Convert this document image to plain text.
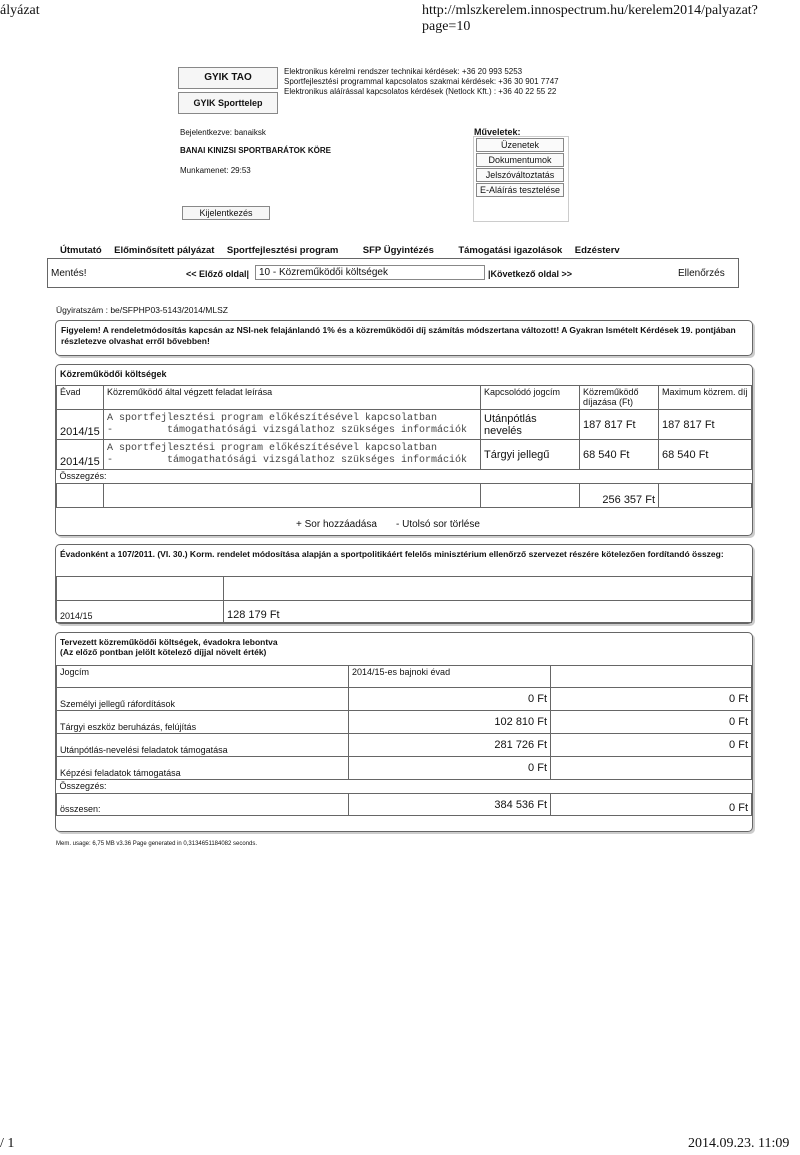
ályázat	http://mlszkerelem.innospectrum.hu/kerelem2014/palyazat?page=10
GYIK TAO
GYIK Sporttelep
Elektronikus kérelmi rendszer technikai kérdések: +36 20 993 5253
Sportfejlesztési programmal kapcsolatos szakmai kérdések: +36 30 901 7747
Elektronikus aláírással kapcsolatos kérdések (Netlock Kft.) : +36 40 22 55 22
Bejelentkezve: banaiksk
BANAI KINIZSI SPORTBARÁTOK KÖRE
Munkamenet: 29:53
Kijelentkezés
Műveletek:
Üzenetek
Dokumentumok
Jelszóváltoztatás
E-Aláírás tesztelése
Útmutató Előminősített pályázat Sportfejlesztési program	SFP Ügyintézés	Támogatási igazolások Edzésterv
Mentés!	<< Előző oldal| 10 - Közreműködői költségek	|Következő oldal >>	Ellenőrzés
Ügyiratszám : be/SFPHP03-5143/2014/MLSZ
Figyelem! A rendeletmódosítás kapcsán az NSI-nek felajánlandó 1% és a közreműködői díj számítás módszertana változott! A Gyakran Ismételt Kérdések 19. pontjában részletezve olvashat erről bővebben!
Közreműködői költségek
Évad	Közreműködő által végzett feladat leírása	Kapcsolódó jogcím	Közreműködő díjazása (Ft)	Maximum közrem. díj
2014/15	A sportfejlesztési program előkészítésével kapcsolatban
-         támogathatósági vizsgálathoz szükséges információk	Utánpótlás nevelés	187 817 Ft	187 817 Ft
2014/15	A sportfejlesztési program előkészítésével kapcsolatban
-         támogathatósági vizsgálathoz szükséges információk	Tárgyi jellegű	68 540 Ft	68 540 Ft
Összegzés:				
			256 357 Ft	
+ Sor hozzáadása - Utolsó sor törlése
Évadonként a 107/2011. (VI. 30.) Korm. rendelet módosítása alapján a sportpolitikáért felelős minisztérium ellenőrző szervezet részére kötelezően fordítandó összeg:

2014/15	128 179 Ft
Tervezett közreműködői költségek, évadokra lebontva
(Az előző pontban jelölt kötelező díjjal növelt érték)
Jogcím	2014/15-es bajnoki évad	
Személyi jellegű ráfordítások	0 Ft	0 Ft
Tárgyi eszköz beruházás, felújítás	102 810 Ft	0 Ft
Utánpótlás-nevelési feladatok támogatása	281 726 Ft	0 Ft
Képzési feladatok támogatása	0 Ft	
Összegzés:		
összesen:	384 536 Ft	0 Ft
Mem. usage: 6,75 MB v3.36 Page generated in 0,3134651184082 seconds.
/ 1	2014.09.23. 11:09
